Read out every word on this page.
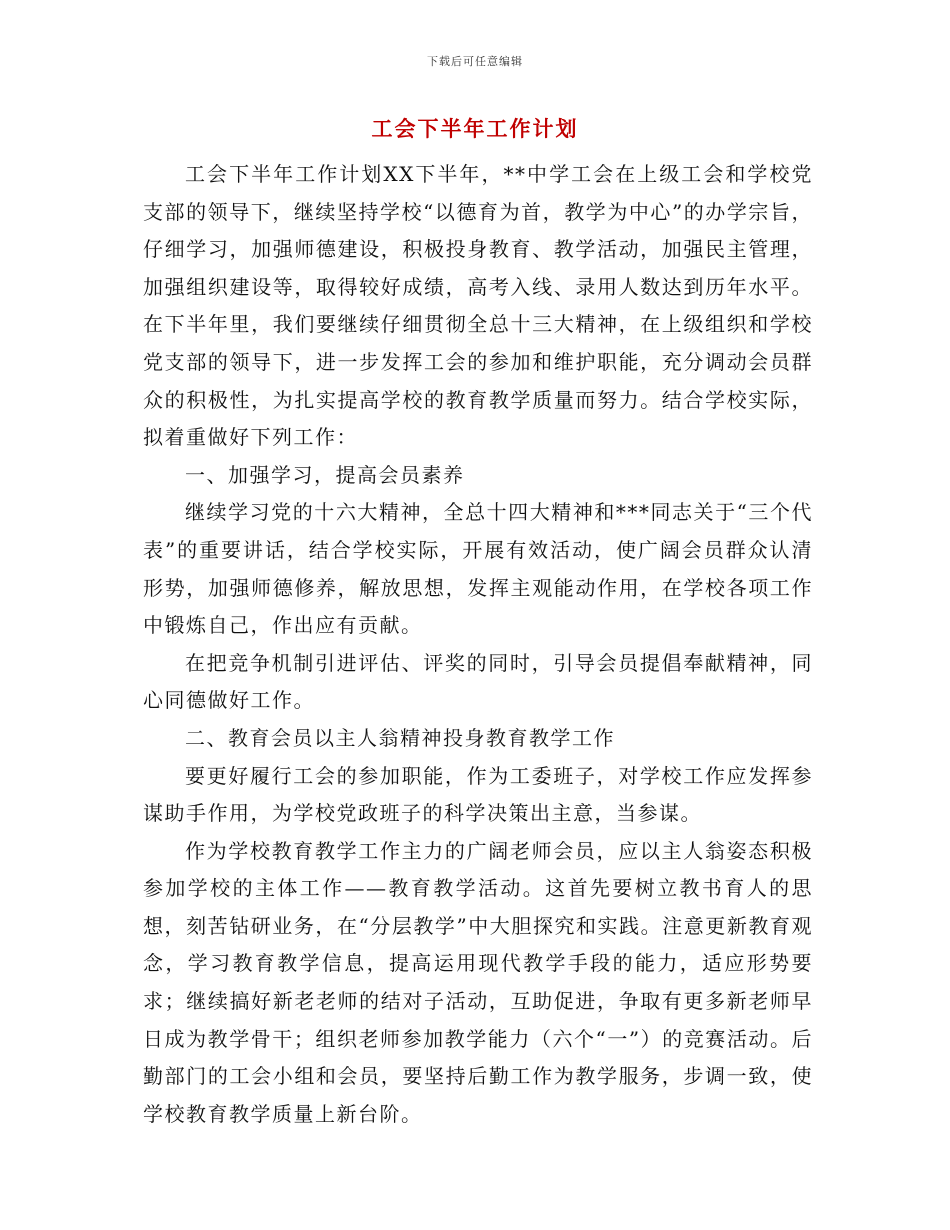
下载后可任意编辑
工会下半年工作计划

工会下半年工作计划XX下半年，**中学工会在上级工会和学校党支部的领导下，继续坚持学校“以德育为首，教学为中心”的办学宗旨，仔细学习，加强师德建设，积极投身教育、教学活动，加强民主管理，加强组织建设等，取得较好成绩，高考入线、录用人数达到历年水平。在下半年里，我们要继续仔细贯彻全总十三大精神，在上级组织和学校党支部的领导下，进一步发挥工会的参加和维护职能，充分调动会员群众的积极性，为扎实提高学校的教育教学质量而努力。结合学校实际，拟着重做好下列工作：

一、加强学习，提高会员素养

继续学习党的十六大精神，全总十四大精神和***同志关于“三个代表”的重要讲话，结合学校实际，开展有效活动，使广阔会员群众认清形势，加强师德修养，解放思想，发挥主观能动作用，在学校各项工作中锻炼自己，作出应有贡献。

在把竞争机制引进评估、评奖的同时，引导会员提倡奉献精神，同心同德做好工作。

二、教育会员以主人翁精神投身教育教学工作

要更好履行工会的参加职能，作为工委班子，对学校工作应发挥参谋助手作用，为学校党政班子的科学决策出主意，当参谋。

作为学校教育教学工作主力的广阔老师会员，应以主人翁姿态积极参加学校的主体工作——教育教学活动。这首先要树立教书育人的思想，刻苦钻研业务，在“分层教学”中大胆探究和实践。注意更新教育观念，学习教育教学信息，提高运用现代教学手段的能力，适应形势要求；继续搞好新老老师的结对子活动，互助促进，争取有更多新老师早日成为教学骨干；组织老师参加教学能力（六个“一”）的竞赛活动。后勤部门的工会小组和会员，要坚持后勤工作为教学服务，步调一致，使学校教育教学质量上新台阶。
